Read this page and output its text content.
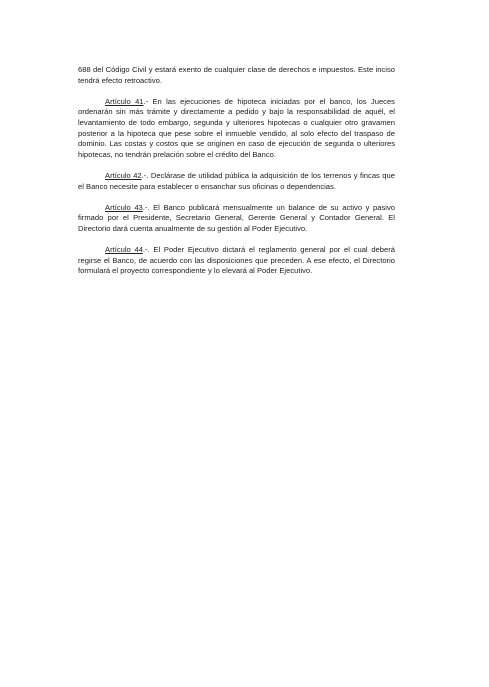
688 del Código Civil y estará exento de cualquier clase de derechos e impuestos. Este inciso tendrá efecto retroactivo.

Artículo 41.- En las ejecuciones de hipoteca iniciadas por el banco, los Jueces ordenarán sin más trámite y directamente a pedido y bajo la responsabilidad de aquél, el levantamiento de todo embargo, segunda y ulteriores hipotecas o cualquier otro gravamen posterior a la hipoteca que pese sobre el inmueble vendido, al solo efecto del traspaso de dominio. Las costas y costos que se originen en caso de ejecución de segunda o ulteriores hipotecas, no tendrán prelación sobre el crédito del Banco.

Artículo 42.-. Declárase de utilidad pública la adquisición de los terrenos y fincas que el Banco necesite para establecer o ensanchar sus oficinas o dependencias.

Artículo 43.-. El Banco publicará mensualmente un balance de su activo y pasivo firmado por el Presidente, Secretario General, Gerente General y Contador General. El Directorio dará cuenta anualmente de su gestión al Poder Ejecutivo.

Artículo 44.-. El Poder Ejecutivo dictará el reglamento general por el cual deberá regirse el Banco, de acuerdo con las disposiciones que preceden. A ese efecto, el Directorio formulará el proyecto correspondiente y lo elevará al Poder Ejecutivo.
